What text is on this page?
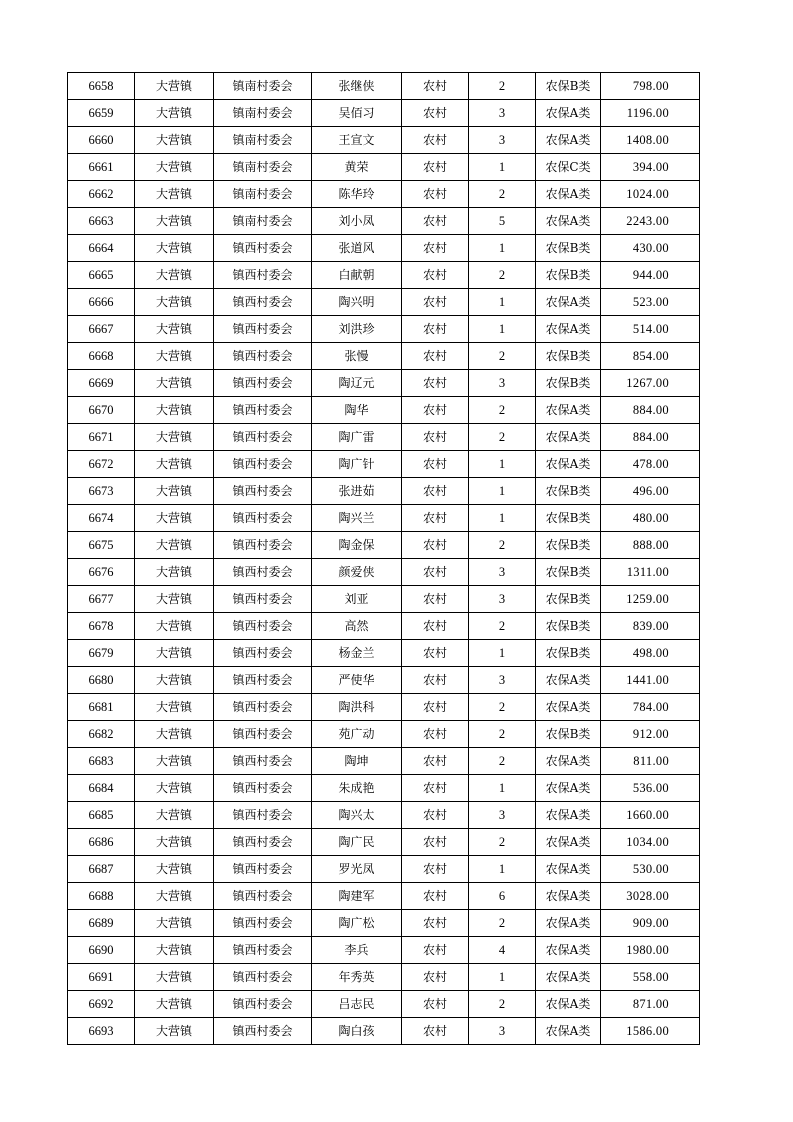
6658	大营镇	镇南村委会	张继侠	农村	2	农保B类	798.00
6659	大营镇	镇南村委会	吴佰习	农村	3	农保A类	1196.00
6660	大营镇	镇南村委会	王宣文	农村	3	农保A类	1408.00
6661	大营镇	镇南村委会	黄荣	农村	1	农保C类	394.00
6662	大营镇	镇南村委会	陈华玲	农村	2	农保A类	1024.00
6663	大营镇	镇南村委会	刘小凤	农村	5	农保A类	2243.00
6664	大营镇	镇西村委会	张道风	农村	1	农保B类	430.00
6665	大营镇	镇西村委会	白献朝	农村	2	农保B类	944.00
6666	大营镇	镇西村委会	陶兴明	农村	1	农保A类	523.00
6667	大营镇	镇西村委会	刘洪珍	农村	1	农保A类	514.00
6668	大营镇	镇西村委会	张慢	农村	2	农保B类	854.00
6669	大营镇	镇西村委会	陶辽元	农村	3	农保B类	1267.00
6670	大营镇	镇西村委会	陶华	农村	2	农保A类	884.00
6671	大营镇	镇西村委会	陶广雷	农村	2	农保A类	884.00
6672	大营镇	镇西村委会	陶广针	农村	1	农保A类	478.00
6673	大营镇	镇西村委会	张进茹	农村	1	农保B类	496.00
6674	大营镇	镇西村委会	陶兴兰	农村	1	农保B类	480.00
6675	大营镇	镇西村委会	陶金保	农村	2	农保B类	888.00
6676	大营镇	镇西村委会	颜爱侠	农村	3	农保B类	1311.00
6677	大营镇	镇西村委会	刘亚	农村	3	农保B类	1259.00
6678	大营镇	镇西村委会	高然	农村	2	农保B类	839.00
6679	大营镇	镇西村委会	杨金兰	农村	1	农保B类	498.00
6680	大营镇	镇西村委会	严使华	农村	3	农保A类	1441.00
6681	大营镇	镇西村委会	陶洪科	农村	2	农保A类	784.00
6682	大营镇	镇西村委会	苑广动	农村	2	农保B类	912.00
6683	大营镇	镇西村委会	陶坤	农村	2	农保A类	811.00
6684	大营镇	镇西村委会	朱成艳	农村	1	农保A类	536.00
6685	大营镇	镇西村委会	陶兴太	农村	3	农保A类	1660.00
6686	大营镇	镇西村委会	陶广民	农村	2	农保A类	1034.00
6687	大营镇	镇西村委会	罗光凤	农村	1	农保A类	530.00
6688	大营镇	镇西村委会	陶建军	农村	6	农保A类	3028.00
6689	大营镇	镇西村委会	陶广松	农村	2	农保A类	909.00
6690	大营镇	镇西村委会	李兵	农村	4	农保A类	1980.00
6691	大营镇	镇西村委会	年秀英	农村	1	农保A类	558.00
6692	大营镇	镇西村委会	吕志民	农村	2	农保A类	871.00
6693	大营镇	镇西村委会	陶白孩	农村	3	农保A类	1586.00
